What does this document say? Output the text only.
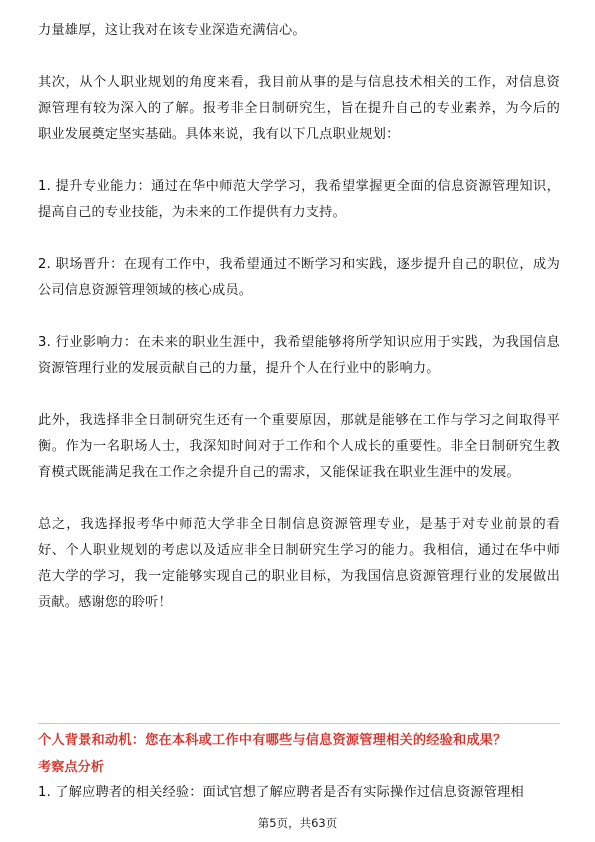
力量雄厚，这让我对在该专业深造充满信心。

其次，从个人职业规划的角度来看，我目前从事的是与信息技术相关的工作，对信息资源管理有较为深入的了解。报考非全日制研究生，旨在提升自己的专业素养，为今后的职业发展奠定坚实基础。具体来说，我有以下几点职业规划：

1. 提升专业能力：通过在华中师范大学学习，我希望掌握更全面的信息资源管理知识，提高自己的专业技能，为未来的工作提供有力支持。

2. 职场晋升：在现有工作中，我希望通过不断学习和实践，逐步提升自己的职位，成为公司信息资源管理领域的核心成员。

3. 行业影响力：在未来的职业生涯中，我希望能够将所学知识应用于实践，为我国信息资源管理行业的发展贡献自己的力量，提升个人在行业中的影响力。

此外，我选择非全日制研究生还有一个重要原因，那就是能够在工作与学习之间取得平衡。作为一名职场人士，我深知时间对于工作和个人成长的重要性。非全日制研究生教育模式既能满足我在工作之余提升自己的需求，又能保证我在职业生涯中的发展。

总之，我选择报考华中师范大学非全日制信息资源管理专业，是基于对专业前景的看好、个人职业规划的考虑以及适应非全日制研究生学习的能力。我相信，通过在华中师范大学的学习，我一定能够实现自己的职业目标，为我国信息资源管理行业的发展做出贡献。感谢您的聆听！

个人背景和动机：您在本科或工作中有哪些与信息资源管理相关的经验和成果？

考察点分析

1. 了解应聘者的相关经验：面试官想了解应聘者是否有实际操作过信息资源管理相

第5页，共63页
